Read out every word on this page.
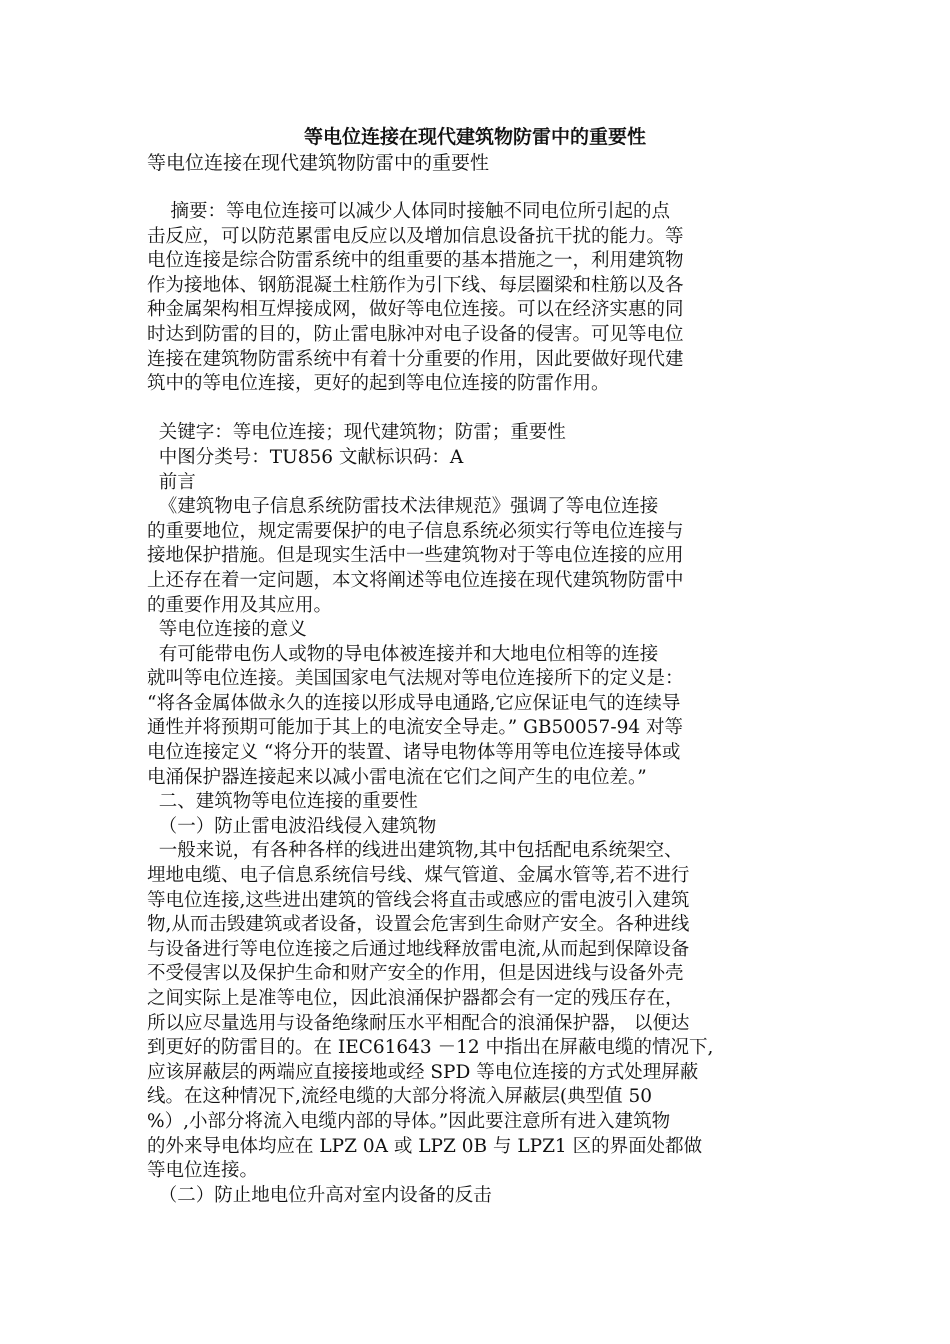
等电位连接在现代建筑物防雷中的重要性
等电位连接在现代建筑物防雷中的重要性
摘要：等电位连接可以减少人体同时接触不同电位所引起的点
击反应，可以防范累雷电反应以及增加信息设备抗干扰的能力。等
电位连接是综合防雷系统中的组重要的基本措施之一，利用建筑物
作为接地体、钢筋混凝土柱筋作为引下线、每层圈梁和柱筋以及各
种金属架构相互焊接成网，做好等电位连接。可以在经济实惠的同
时达到防雷的目的，防止雷电脉冲对电子设备的侵害。可见等电位
连接在建筑物防雷系统中有着十分重要的作用，因此要做好现代建
筑中的等电位连接，更好的起到等电位连接的防雷作用。
关键字：等电位连接；现代建筑物；防雷；重要性
中图分类号：TU856 文献标识码：A
前言
《建筑物电子信息系统防雷技术法律规范》强调了等电位连接
的重要地位，规定需要保护的电子信息系统必须实行等电位连接与
接地保护措施。但是现实生活中一些建筑物对于等电位连接的应用
上还存在着一定问题，本文将阐述等电位连接在现代建筑物防雷中
的重要作用及其应用。
等电位连接的意义
有可能带电伤人或物的导电体被连接并和大地电位相等的连接
就叫等电位连接。美国国家电气法规对等电位连接所下的定义是：
“将各金属体做永久的连接以形成导电通路,它应保证电气的连续导
通性并将预期可能加于其上的电流安全导走。” GB50057-94 对等
电位连接定义 “将分开的装置、诸导电物体等用等电位连接导体或
电涌保护器连接起来以减小雷电流在它们之间产生的电位差。”
二、建筑物等电位连接的重要性
（一）防止雷电波沿线侵入建筑物
一般来说，有各种各样的线进出建筑物,其中包括配电系统架空、
埋地电缆、电子信息系统信号线、煤气管道、金属水管等,若不进行
等电位连接,这些进出建筑的管线会将直击或感应的雷电波引入建筑
物,从而击毁建筑或者设备，设置会危害到生命财产安全。各种进线
与设备进行等电位连接之后通过地线释放雷电流,从而起到保障设备
不受侵害以及保护生命和财产安全的作用，但是因进线与设备外壳
之间实际上是准等电位，因此浪涌保护器都会有一定的残压存在，
所以应尽量选用与设备绝缘耐压水平相配合的浪涌保护器， 以便达
到更好的防雷目的。在 IEC61643 －12 中指出在屏蔽电缆的情况下,
应该屏蔽层的两端应直接接地或经 SPD 等电位连接的方式处理屏蔽
线。在这种情况下,流经电缆的大部分将流入屏蔽层(典型值 50
%）,小部分将流入电缆内部的导体。”因此要注意所有进入建筑物
的外来导电体均应在 LPZ 0A 或 LPZ 0B 与 LPZ1 区的界面处都做
等电位连接。
（二）防止地电位升高对室内设备的反击
